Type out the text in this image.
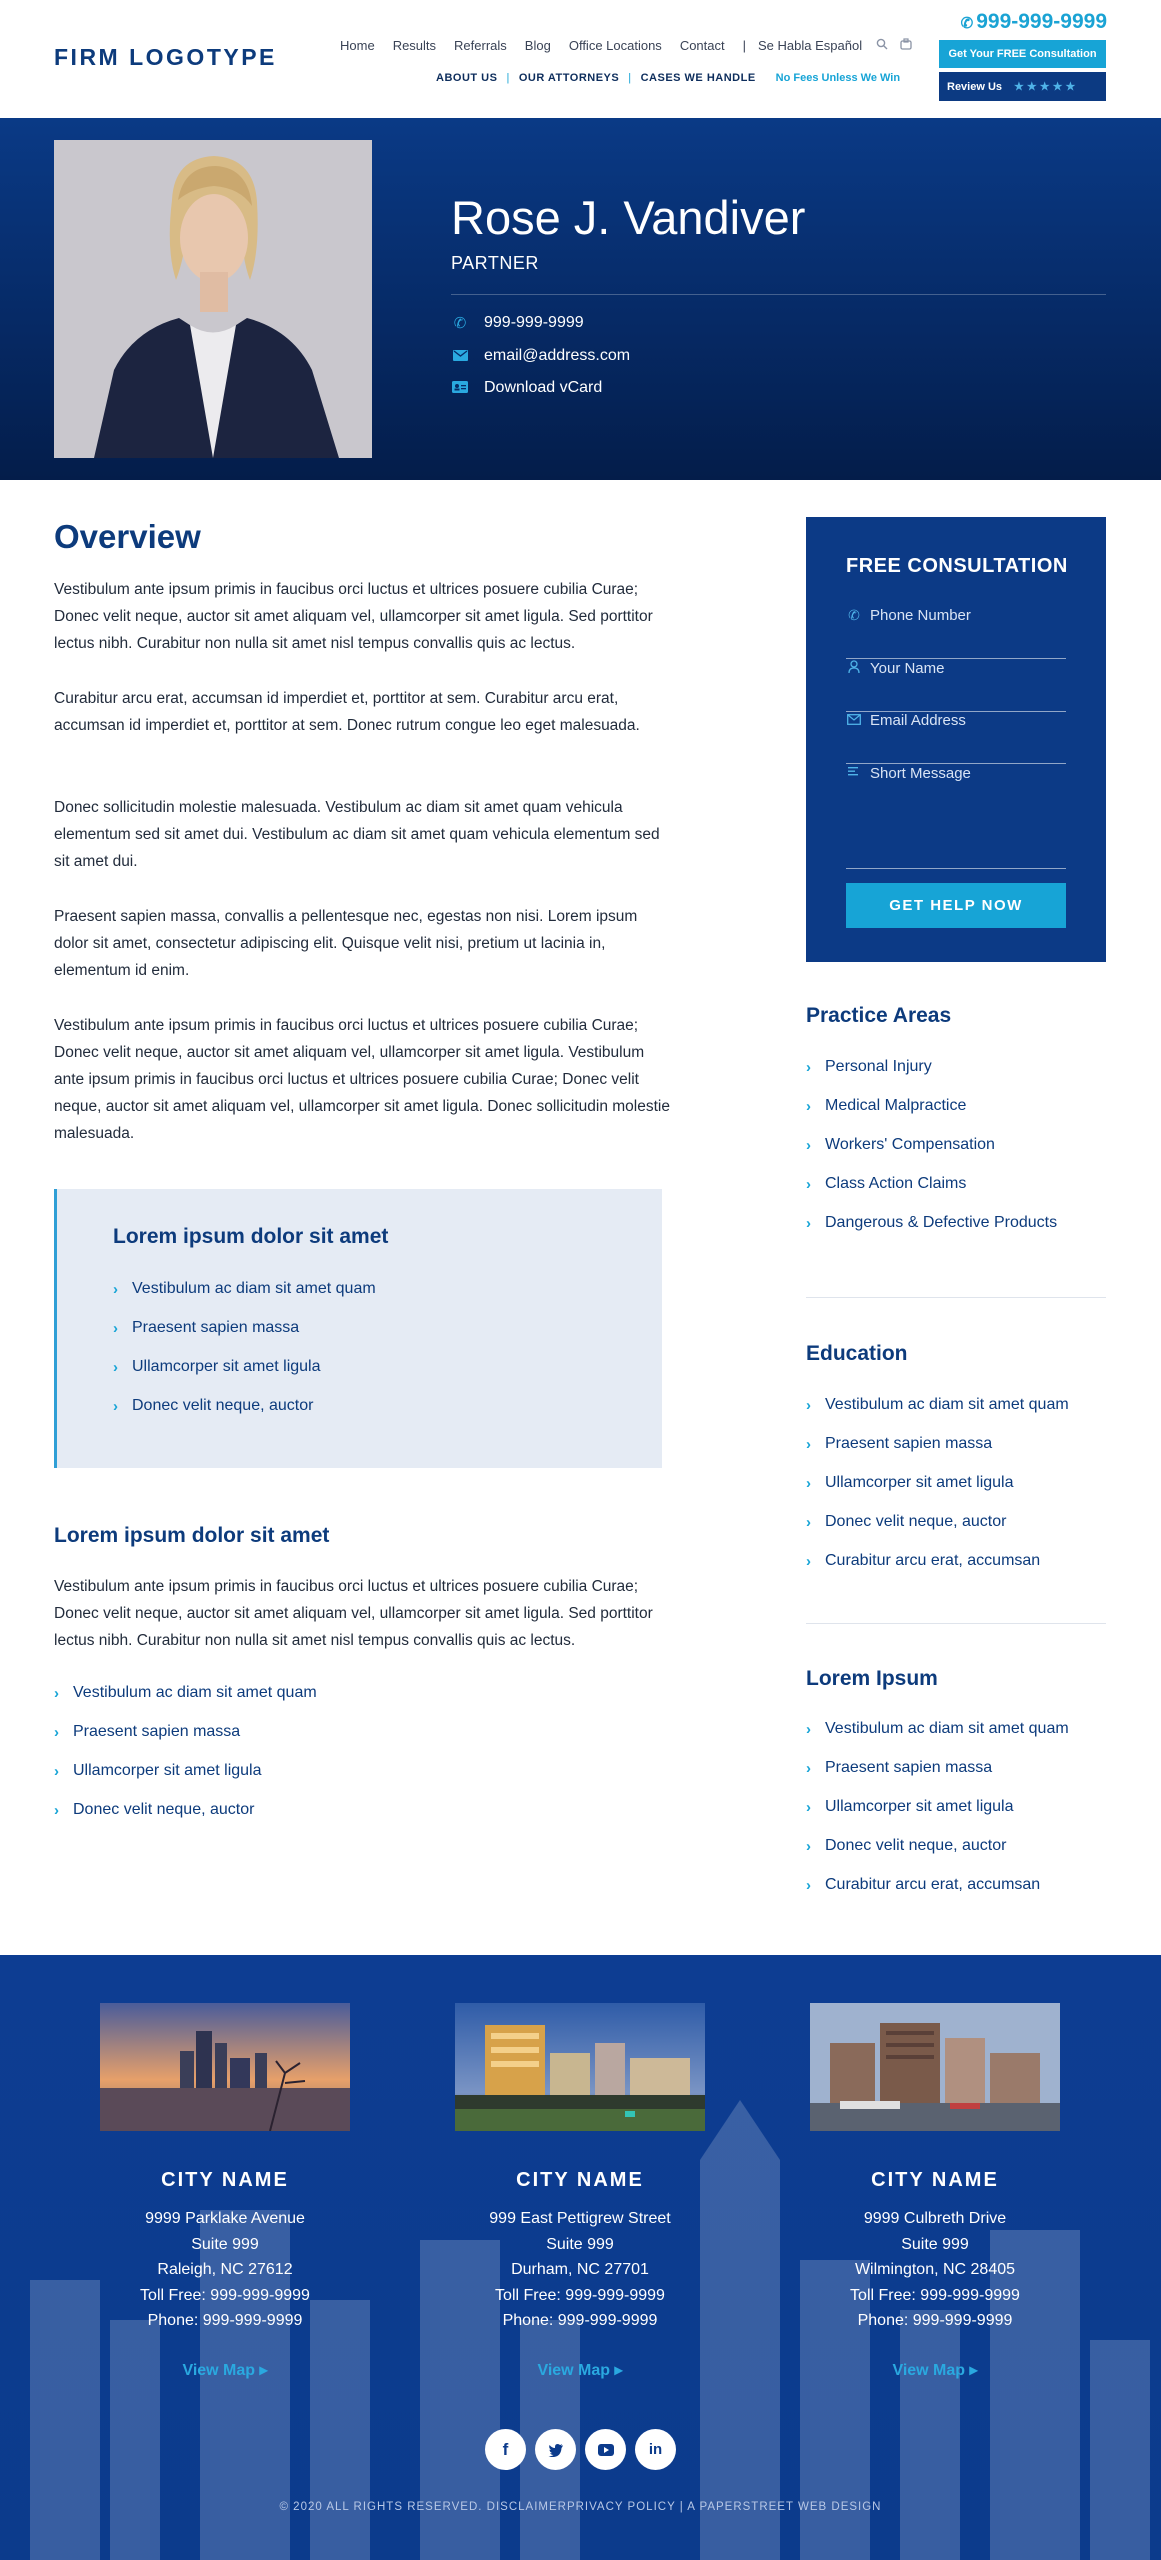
FIRM LOGOTYPE	Home Results Referrals Blog Office Locations Contact | Se Habla Español
✆ 999-999-9999
Get Your FREE Consultation
Review Us ★★★★★
ABOUT US | OUR ATTORNEYS | CASES WE HANDLE No Fees Unless We Win
Rose J. Vandiver
PARTNER
✆ 999-999-9999
email@address.com
Download vCard
Overview
Vestibulum ante ipsum primis in faucibus orci luctus et ultrices posuere cubilia Curae; Donec velit neque, auctor sit amet aliquam vel, ullamcorper sit amet ligula. Sed porttitor lectus nibh. Curabitur non nulla sit amet nisl tempus convallis quis ac lectus.
Curabitur arcu erat, accumsan id imperdiet et, porttitor at sem. Curabitur arcu erat, accumsan id imperdiet et, porttitor at sem. Donec rutrum congue leo eget malesuada.
Donec sollicitudin molestie malesuada. Vestibulum ac diam sit amet quam vehicula elementum sed sit amet dui. Vestibulum ac diam sit amet quam vehicula elementum sed sit amet dui.
Praesent sapien massa, convallis a pellentesque nec, egestas non nisi. Lorem ipsum dolor sit amet, consectetur adipiscing elit. Quisque velit nisi, pretium ut lacinia in, elementum id enim.
Vestibulum ante ipsum primis in faucibus orci luctus et ultrices posuere cubilia Curae; Donec velit neque, auctor sit amet aliquam vel, ullamcorper sit amet ligula. Vestibulum ante ipsum primis in faucibus orci luctus et ultrices posuere cubilia Curae; Donec velit neque, auctor sit amet aliquam vel, ullamcorper sit amet ligula. Donec sollicitudin molestie malesuada.
Lorem ipsum dolor sit amet
› Vestibulum ac diam sit amet quam
› Praesent sapien massa
› Ullamcorper sit amet ligula
› Donec velit neque, auctor
Lorem ipsum dolor sit amet
Vestibulum ante ipsum primis in faucibus orci luctus et ultrices posuere cubilia Curae; Donec velit neque, auctor sit amet aliquam vel, ullamcorper sit amet ligula. Sed porttitor lectus nibh. Curabitur non nulla sit amet nisl tempus convallis quis ac lectus.
› Vestibulum ac diam sit amet quam
› Praesent sapien massa
› Ullamcorper sit amet ligula
› Donec velit neque, auctor
FREE CONSULTATION
✆ Phone Number
Your Name
Email Address
Short Message
GET HELP NOW
Practice Areas
› Personal Injury
› Medical Malpractice
› Workers' Compensation
› Class Action Claims
› Dangerous & Defective Products
Education
› Vestibulum ac diam sit amet quam
› Praesent sapien massa
› Ullamcorper sit amet ligula
› Donec velit neque, auctor
› Curabitur arcu erat, accumsan
Lorem Ipsum
› Vestibulum ac diam sit amet quam
› Praesent sapien massa
› Ullamcorper sit amet ligula
› Donec velit neque, auctor
› Curabitur arcu erat, accumsan
CITY NAME
9999 Parklake Avenue
Suite 999
Raleigh, NC 27612
Toll Free: 999-999-9999
Phone: 999-999-9999
View Map ▸
CITY NAME
999 East Pettigrew Street
Suite 999
Durham, NC 27701
Toll Free: 999-999-9999
Phone: 999-999-9999
View Map ▸
CITY NAME
9999 Culbreth Drive
Suite 999
Wilmington, NC 28405
Toll Free: 999-999-9999
Phone: 999-999-9999
View Map ▸
f	in
© 2020 ALL RIGHTS RESERVED. DISCLAIMERPRIVACY POLICY | A PAPERSTREET WEB DESIGN
